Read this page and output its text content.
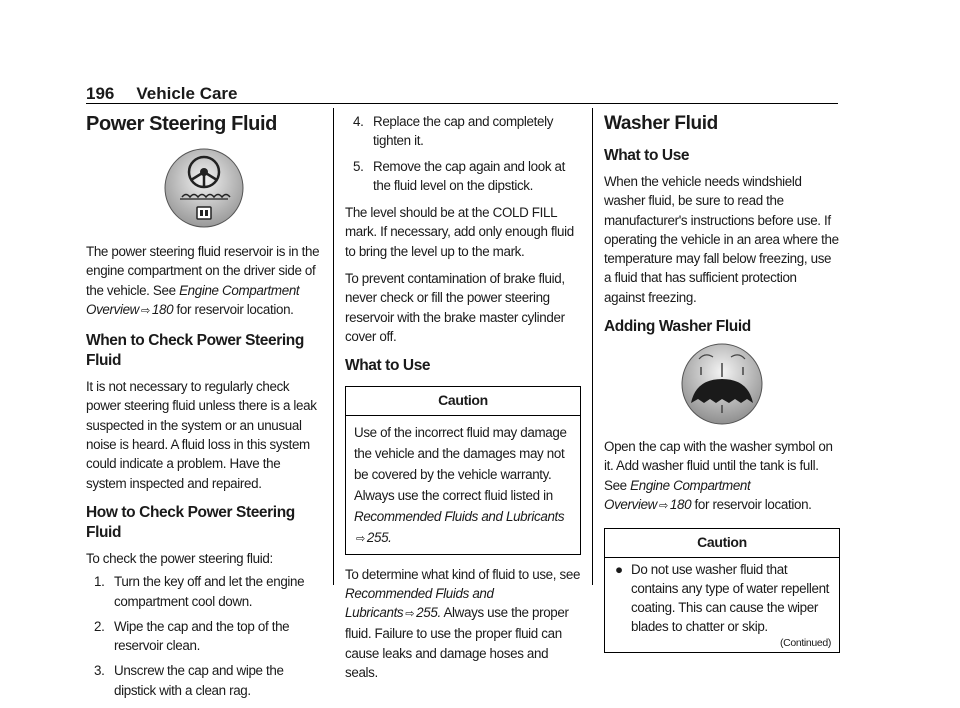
196 Vehicle Care
Power Steering Fluid

The power steering fluid reservoir is in the engine compartment on the driver side of the vehicle. See Engine Compartment Overview ⇨ 180 for reservoir location.

When to Check Power Steering Fluid

It is not necessary to regularly check power steering fluid unless there is a leak suspected in the system or an unusual noise is heard. A fluid loss in this system could indicate a problem. Have the system inspected and repaired.

How to Check Power Steering Fluid

To check the power steering fluid:

1. Turn the key off and let the engine compartment cool down.
2. Wipe the cap and the top of the reservoir clean.
3. Unscrew the cap and wipe the dipstick with a clean rag.
4. Replace the cap and completely tighten it.
5. Remove the cap again and look at the fluid level on the dipstick.

The level should be at the COLD FILL mark. If necessary, add only enough fluid to bring the level up to the mark.

To prevent contamination of brake fluid, never check or fill the power steering reservoir with the brake master cylinder cover off.

What to Use
Caution

Use of the incorrect fluid may damage the vehicle and the damages may not be covered by the vehicle warranty. Always use the correct fluid listed in Recommended Fluids and Lubricants
⇨ 255.

To determine what kind of fluid to use, see Recommended Fluids and Lubricants ⇨ 255. Always use the proper fluid. Failure to use the proper fluid can cause leaks and damage hoses and seals.

Washer Fluid
What to Use

When the vehicle needs windshield washer fluid, be sure to read the manufacturer's instructions before use. If operating the vehicle in an area where the temperature may fall below freezing, use a fluid that has sufficient protection against freezing.

Adding Washer Fluid

Open the cap with the washer symbol on it. Add washer fluid until the tank is full. See Engine Compartment Overview ⇨ 180 for reservoir location.

Caution

● Do not use washer fluid that contains any type of water repellent coating. This can cause the wiper blades to chatter or skip.

(Continued)
